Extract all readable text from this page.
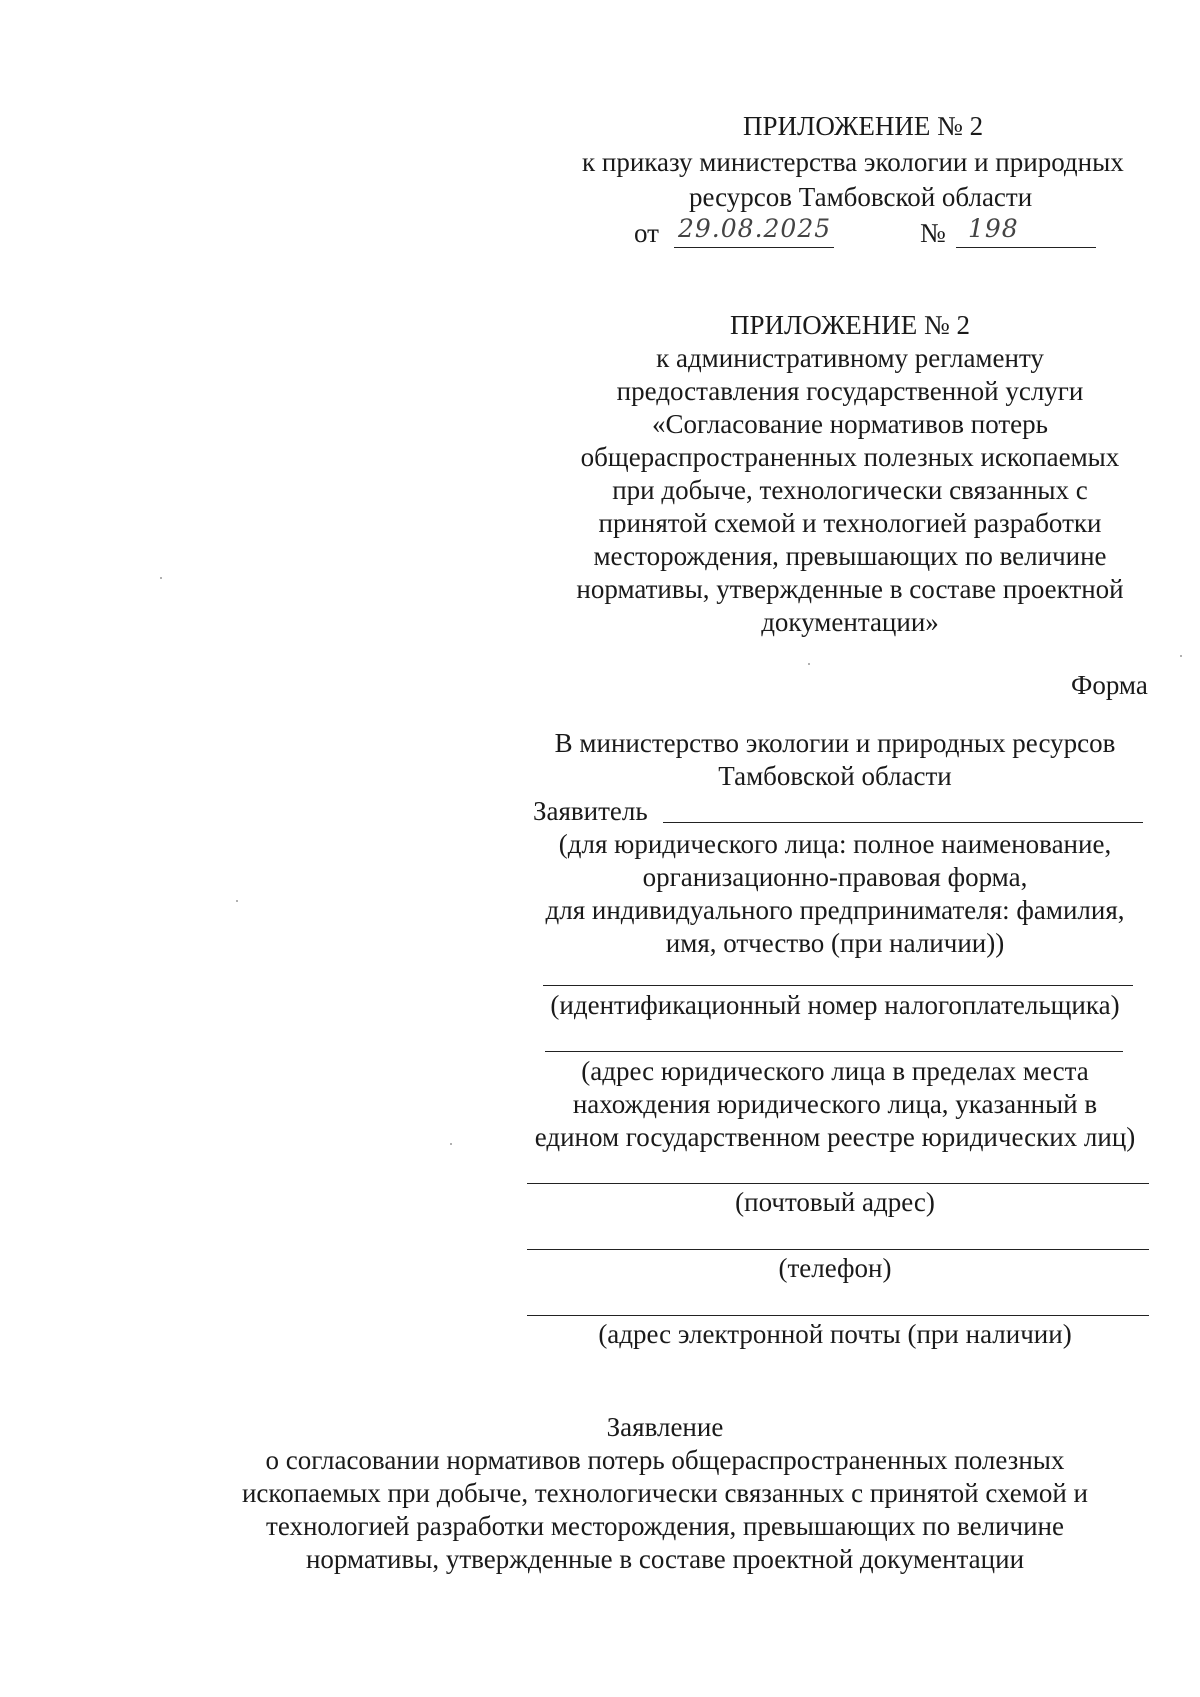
ПРИЛОЖЕНИЕ № 2
к приказу министерства экологии и природных
ресурсов Тамбовской области
от 29.08.2025	№ 198
ПРИЛОЖЕНИЕ № 2
к административному регламенту
предоставления государственной услуги
«Согласование нормативов потерь
общераспространенных полезных ископаемых
при добыче, технологически связанных с
принятой схемой и технологией разработки
месторождения, превышающих по величине
нормативы, утвержденные в составе проектной
документации»
Форма
В министерство экологии и природных ресурсов
Тамбовской области
Заявитель
(для юридического лица: полное наименование,
организационно-правовая форма,
для индивидуального предпринимателя: фамилия,
имя, отчество (при наличии))
(идентификационный номер налогоплательщика)
(адрес юридического лица в пределах места
нахождения юридического лица, указанный в
едином государственном реестре юридических лиц)
(почтовый адрес)
(телефон)
(адрес электронной почты (при наличии)
Заявление
о согласовании нормативов потерь общераспространенных полезных
ископаемых при добыче, технологически связанных с принятой схемой и
технологией разработки месторождения, превышающих по величине
нормативы, утвержденные в составе проектной документации
